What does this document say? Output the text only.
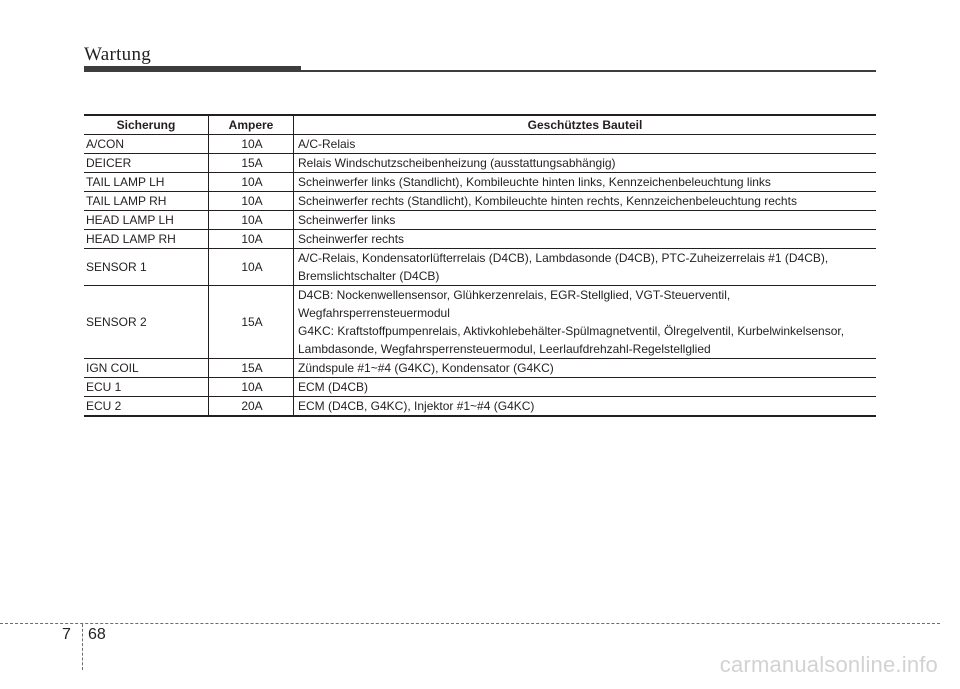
Wartung
Sicherung	Ampere	Geschütztes Bauteil
A/CON	10A	A/C-Relais

DEICER	15A	Relais Windschutzscheibenheizung (ausstattungsabhängig)

TAIL LAMP LH	10A	Scheinwerfer links (Standlicht), Kombileuchte hinten links, Kennzeichenbeleuchtung links

TAIL LAMP RH	10A	Scheinwerfer rechts (Standlicht), Kombileuchte hinten rechts, Kennzeichenbeleuchtung rechts

HEAD LAMP LH	10A	Scheinwerfer links

HEAD LAMP RH	10A	Scheinwerfer rechts

SENSOR 1	10A	A/C-Relais, Kondensatorlüfterrelais (D4CB), Lambdasonde (D4CB), PTC-Zuheizerrelais #1 (D4CB),
Bremslichtschalter (D4CB)

SENSOR 2	15A	D4CB: Nockenwellensensor, Glühkerzenrelais, EGR-Stellglied, VGT-Steuerventil, Wegfahrsperrensteuermodul
G4KC: Kraftstoffpumpenrelais, Aktivkohlebehälter-Spülmagnetventil, Ölregelventil, Kurbelwinkelsensor,
Lambdasonde, Wegfahrsperrensteuermodul, Leerlaufdrehzahl-Regelstellglied

IGN COIL	15A	Zündspule #1~#4 (G4KC), Kondensator (G4KC)

ECU 1	10A	ECM (D4CB)

ECU 2	20A	ECM (D4CB, G4KC), Injektor #1~#4 (G4KC)
7 68
carmanualsonline.info
